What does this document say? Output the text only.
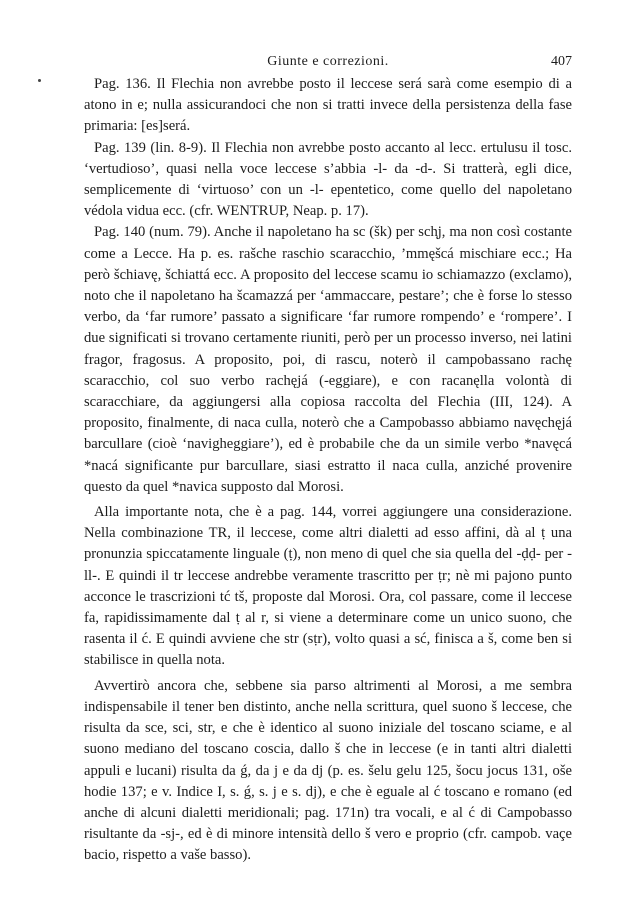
Giunte e correzioni.	407

Pag. 136. Il Flechia non avrebbe posto il leccese será sarà come esempio di a atono in e; nulla assicurandoci che non si tratti invece della persistenza della fase primaria: [es]será.

Pag. 139 (lin. 8-9). Il Flechia non avrebbe posto accanto al lecc. ertulusu il tosc. ‘vertudioso’, quasi nella voce leccese s’abbia -l- da -d-. Si tratterà, egli dice, semplicemente di ‘virtuoso’ con un -l- epentetico, come quello del napoletano védola vidua ecc. (cfr. WENTRUP, Neap. p. 17).

Pag. 140 (num. 79). Anche il napoletano ha sc (šk) per sch̨j, ma non così costante come a Lecce. Ha p. es. rašche raschio scaracchio, ’mmęšcá mischiare ecc.; Ha però šchiavę, šchiattá ecc. A proposito del leccese scamu io schiamazzo (exclamo), noto che il napoletano ha šcamazzá per ‘ammaccare, pestare’; che è forse lo stesso verbo, da ‘far rumore’ passato a significare ‘far rumore rompendo’ e ‘rompere’. I due significati si trovano certamente riuniti, però per un processo inverso, nei latini fragor, fragosus. A proposito, poi, di rascu, noterò il campobassano rachę scaracchio, col suo verbo rachęjá (-eggiare), e con racanęlla volontà di scaracchiare, da aggiungersi alla copiosa raccolta del Flechia (III, 124). A proposito, finalmente, di naca culla, noterò che a Campobasso abbiamo navęchęjá barcullare (cioè ‘navigheggiare’), ed è probabile che da un simile verbo *navęcá *nacá significante pur barcullare, siasi estratto il naca culla, anziché provenire questo da quel *navica supposto dal Morosi.

Alla importante nota, che è a pag. 144, vorrei aggiungere una considerazione. Nella combinazione TR, il leccese, come altri dialetti ad esso affini, dà al ṭ una pronunzia spiccatamente linguale (ṭ), non meno di quel che sia quella del -ḍḍ- per -ll-. E quindi il tr leccese andrebbe veramente trascritto per ṭr; nè mi pajono punto acconce le trascrizioni tć tš, proposte dal Morosi. Ora, col passare, come il leccese fa, rapidissimamente dal ṭ al r, si viene a determinare come un unico suono, che rasenta il ć. E quindi avviene che str (sṭr), volto quasi a sć, finisca a š, come ben si stabilisce in quella nota.

Avvertirò ancora che, sebbene sia parso altrimenti al Morosi, a me sembra indispensabile il tener ben distinto, anche nella scrittura, quel suono š leccese, che risulta da sce, sci, str, e che è identico al suono iniziale del toscano sciame, e al suono mediano del toscano coscia, dallo š che in leccese (e in tanti altri dialetti appuli e lucani) risulta da ǵ, da j e da dj (p. es. šelu gelu 125, šocu jocus 131, oše hodie 137; e v. Indice I, s. ǵ, s. j e s. dj), e che è eguale al ć toscano e romano (ed anche di alcuni dialetti meridionali; pag. 171n) tra vocali, e al ć di Campobasso risultante da -sj-, ed è di minore intensità dello š vero e proprio (cfr. campob. vaçe bacio, rispetto a vaše basso).
